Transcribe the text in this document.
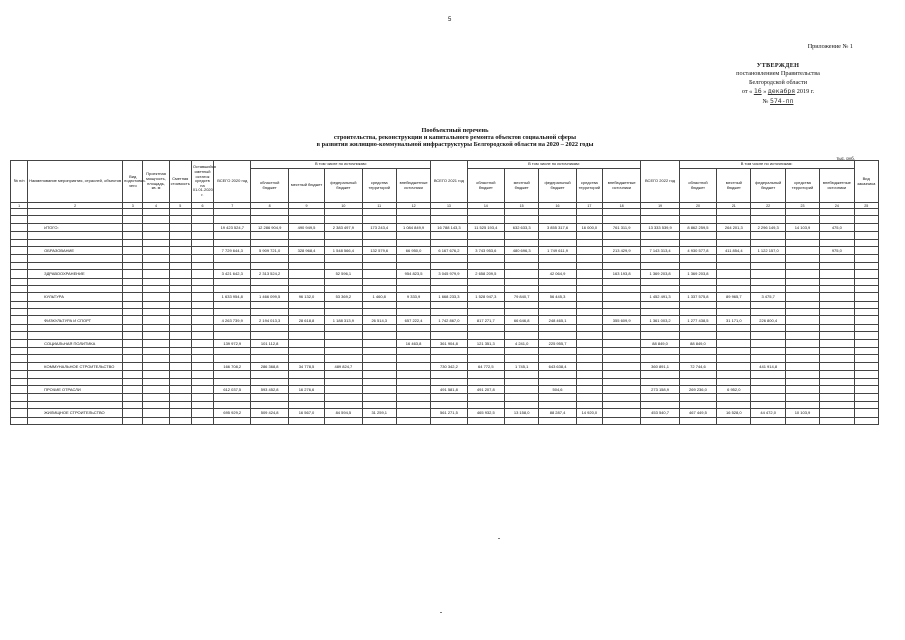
5
Приложение № 1
УТВЕРЖДЕН
постановлением Правительства
Белгородской области
от « 16 » декабря 2019 г.
№ 574-пп
Пообъектный перечень
строительства, реконструкции и капитального ремонта объектов социальной сферы
в развития жилищно-коммунальной инфраструктуры Белгородской области на 2020 – 2022 годы
тыс. руб.
№ п/п	Наименование мероприятия, отраслей, объектов	Вид подготовки-чего	Проектная мощность, площадь, кв. м	Сметная стоимость	Оставшийся сметный остаток средств на 01.01.2020 г.	ВСЕГО 2020 год	В том числе по источникам:					ВСЕГО 2021 год	В том числе по источникам:					ВСЕГО 2022 год	В том числе по источникам:					Вид заказчика
							областной бюджет	местный бюджет	федеральный бюджет	средства территорий	внебюджетные источники		областной бюджет	местный бюджет	федеральный бюджет	средства территорий	внебюджетные источники		областной бюджет	местный бюджет	федеральный бюджет	средства территорий	внебюджетные источники	
1	2	3	4	5	6	7	8	9	10	11	12	13	14	15	16	17	18	19	20	21	22	23	24	25

	ИТОГО:					19 423 524,7	12 286 904,9	490 949,5	2 383 497,9	173 243,4	1 084 849,9	16 788 143,3	11 525 193,4	632 633,3	3 855 317,6	16 000,0	761 311,9	13 333 539,9	8 862 259,5	264 201,3	2 296 149,3	14 103,9	475,0	

	ОБРАЗОВАНИЕ					7 729 644,3	5 909 721,0	328 968,4	1 548 566,4	132 579,6	66 950,0	6 167 676,2	3 743 953,6	480 696,3	1 749 611,9		213 429,9	7 143 313,4	4 930 577,8	411 854,4	1 122 157,0		975,0	

	ЗДРАВООХРАНЕНИЕ					3 421 642,3	2 313 524,2		52 596,1		954 823,5	3 045 979,9	2 658 209,5		42 064,9		163 193,8	1 369 203,8	1 369 203,8					

	КУЛЬТУРА					1 633 954,8	1 466 099,5	96 132,0	53 369,2	1 460,8	9 333,9	1 668 233,3	1 528 947,3	79 840,7	56 445,3			1 452 491,3	1 337 575,8	89 965,7	3 475,7			

	ФИЗКУЛЬТУРА И СПОРТ					4 263 739,9	2 194 013,3	28 618,8	1 188 313,9	26 514,3	657 222,4	1 742 867,0	817 271,7	66 646,8	248 465,1		355 609,9	1 361 003,2	1 277 438,5	31 171,0	226 800,4			

	СОЦИАЛЬНАЯ ПОЛИТИКА					139 972,9	101 112,8				16 463,8	361 904,8	121 351,3	4 241,0	225 955,7			88 849,0	88 849,0					

	КОММУНАЛЬНОЕ СТРОИТЕЛЬСТВО					166 708,2	286 368,8	34 778,5	489 824,7			730 342,2	64 772,5	1 745,1	643 638,4			360 891,1	72 744,6		441 914,8			

	ПРОЧИЕ ОТРАСЛИ					612 037,5	593 452,8	16 276,6				491 581,8	491 207,8		504,6			273 158,9	269 236,0	6 952,0				

	ЖИЛИЩНОЕ СТРОИТЕЛЬСТВО					695 929,2	509 424,8	16 567,0	84 594,5	31 259,1		561 271,5	465 932,5	13 158,0	88 287,4	14 920,0		453 540,7	467 449,5	16 528,0	44 472,0	10 103,9		
